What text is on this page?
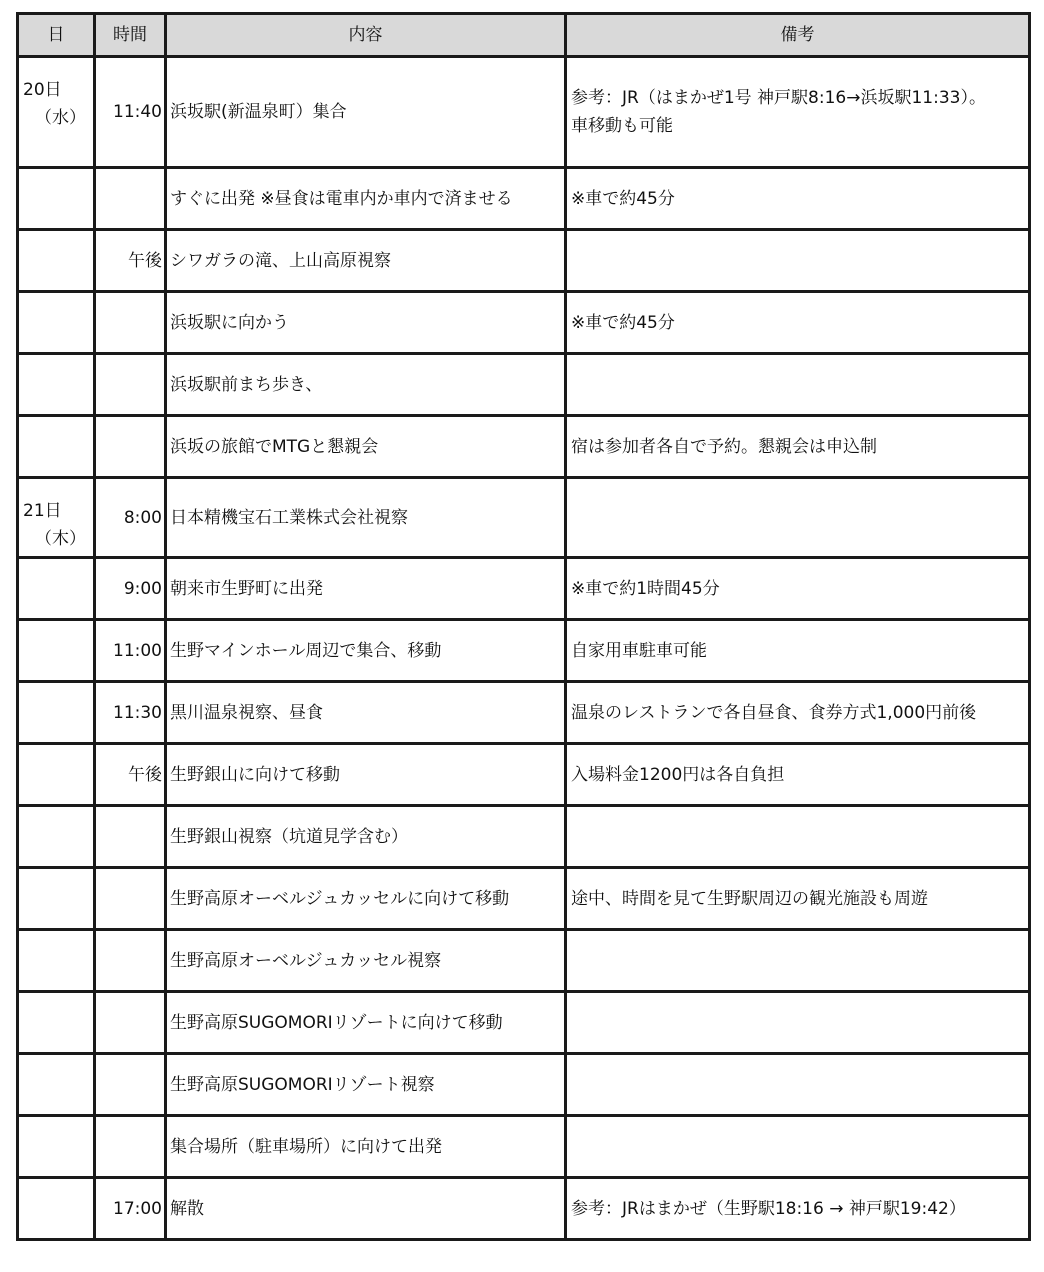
日	時間	内容	備考

20日
（水）	11:40	浜坂駅(新温泉町）集合	参考：JR（はまかぜ1号 神戸駅8:16→浜坂駅11:33）。車移動も可能
		すぐに出発 ※昼食は電車内か車内で済ませる	※車で約45分
	午後	シワガラの滝、上山高原視察	
		浜坂駅に向かう	※車で約45分
		浜坂駅前まち歩き、	
		浜坂の旅館でMTGと懇親会	宿は参加者各自で予約。懇親会は申込制

21日
（木）	8:00	日本精機宝石工業株式会社視察	
	9:00	朝来市生野町に出発	※車で約1時間45分
	11:00	生野マインホール周辺で集合、移動	自家用車駐車可能
	11:30	黒川温泉視察、昼食	温泉のレストランで各自昼食、食券方式1,000円前後
	午後	生野銀山に向けて移動	入場料金1200円は各自負担
		生野銀山視察（坑道見学含む）	
		生野高原オーベルジュカッセルに向けて移動	途中、時間を見て生野駅周辺の観光施設も周遊
		生野高原オーベルジュカッセル視察	
		生野高原SUGOMORIリゾートに向けて移動	
		生野高原SUGOMORIリゾート視察	
		集合場所（駐車場所）に向けて出発	
	17:00	解散	参考：JRはまかぜ（生野駅18:16 → 神戸駅19:42）
